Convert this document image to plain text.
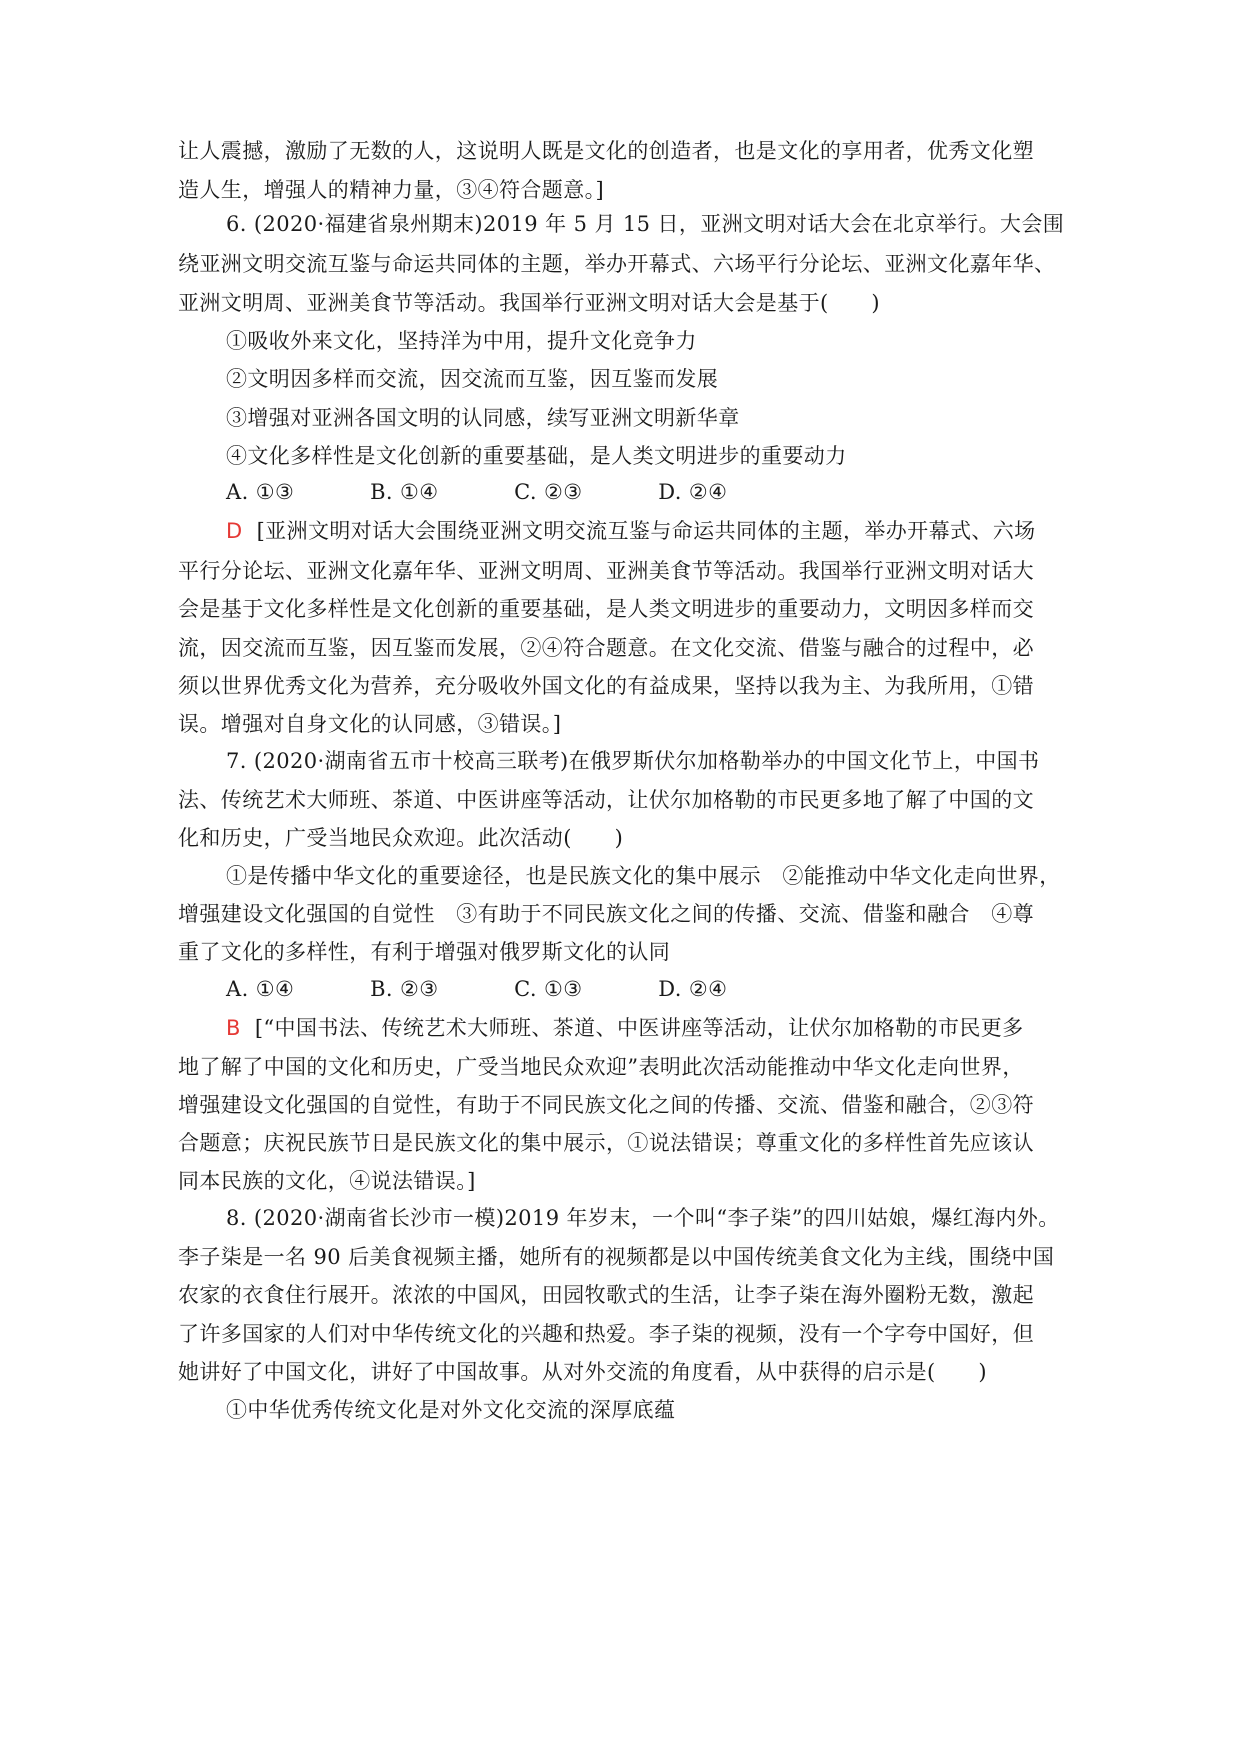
让人震撼，激励了无数的人，这说明人既是文化的创造者，也是文化的享用者，优秀文化塑
造人生，增强人的精神力量，③④符合题意。]
6. (2020·福建省泉州期末)2019 年 5 月 15 日，亚洲文明对话大会在北京举行。大会围
绕亚洲文明交流互鉴与命运共同体的主题，举办开幕式、六场平行分论坛、亚洲文化嘉年华、
亚洲文明周、亚洲美食节等活动。我国举行亚洲文明对话大会是基于(　　)
①吸收外来文化，坚持洋为中用，提升文化竞争力
②文明因多样而交流，因交流而互鉴，因互鉴而发展
③增强对亚洲各国文明的认同感，续写亚洲文明新华章
④文化多样性是文化创新的重要基础，是人类文明进步的重要动力
A. ①③	B. ①④	C. ②③	D. ②④
D [亚洲文明对话大会围绕亚洲文明交流互鉴与命运共同体的主题，举办开幕式、六场
平行分论坛、亚洲文化嘉年华、亚洲文明周、亚洲美食节等活动。我国举行亚洲文明对话大
会是基于文化多样性是文化创新的重要基础，是人类文明进步的重要动力，文明因多样而交
流，因交流而互鉴，因互鉴而发展，②④符合题意。在文化交流、借鉴与融合的过程中，必
须以世界优秀文化为营养，充分吸收外国文化的有益成果，坚持以我为主、为我所用，①错
误。增强对自身文化的认同感，③错误。]
7. (2020·湖南省五市十校高三联考)在俄罗斯伏尔加格勒举办的中国文化节上，中国书
法、传统艺术大师班、茶道、中医讲座等活动，让伏尔加格勒的市民更多地了解了中国的文
化和历史，广受当地民众欢迎。此次活动(　　)
①是传播中华文化的重要途径，也是民族文化的集中展示　②能推动中华文化走向世界，
增强建设文化强国的自觉性　③有助于不同民族文化之间的传播、交流、借鉴和融合　④尊
重了文化的多样性，有利于增强对俄罗斯文化的认同
A. ①④	B. ②③	C. ①③	D. ②④
B [“中国书法、传统艺术大师班、茶道、中医讲座等活动，让伏尔加格勒的市民更多
地了解了中国的文化和历史，广受当地民众欢迎”表明此次活动能推动中华文化走向世界，
增强建设文化强国的自觉性，有助于不同民族文化之间的传播、交流、借鉴和融合，②③符
合题意；庆祝民族节日是民族文化的集中展示，①说法错误；尊重文化的多样性首先应该认
同本民族的文化，④说法错误。]
8. (2020·湖南省长沙市一模)2019 年岁末，一个叫“李子柒”的四川姑娘，爆红海内外。
李子柒是一名 90 后美食视频主播，她所有的视频都是以中国传统美食文化为主线，围绕中国
农家的衣食住行展开。浓浓的中国风，田园牧歌式的生活，让李子柒在海外圈粉无数，激起
了许多国家的人们对中华传统文化的兴趣和热爱。李子柒的视频，没有一个字夸中国好，但
她讲好了中国文化，讲好了中国故事。从对外交流的角度看，从中获得的启示是(　　)
①中华优秀传统文化是对外文化交流的深厚底蕴
